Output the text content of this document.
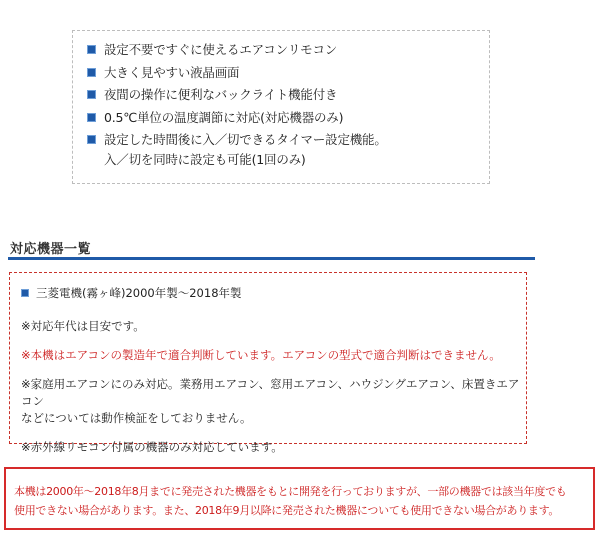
設定不要ですぐに使えるエアコンリモコン
大きく見やすい液晶画面
夜間の操作に便利なバックライト機能付き
0.5℃単位の温度調節に対応(対応機器のみ)
設定した時間後に入／切できるタイマー設定機能。
入／切を同時に設定も可能(1回のみ)
対応機器一覧
三菱電機(霧ヶ峰)2000年製～2018年製

※対応年代は目安です。

※本機はエアコンの製造年で適合判断しています。エアコンの型式で適合判断はできません。

※家庭用エアコンにのみ対応。業務用エアコン、窓用エアコン、ハウジングエアコン、床置きエアコン
などについては動作検証をしておりません。

※赤外線リモコン付属の機器のみ対応しています。

本機は2000年～2018年8月までに発売された機器をもとに開発を行っておりますが、一部の機器では該当年度でも
使用できない場合があります。また、2018年9月以降に発売された機器についても使用できない場合があります。
